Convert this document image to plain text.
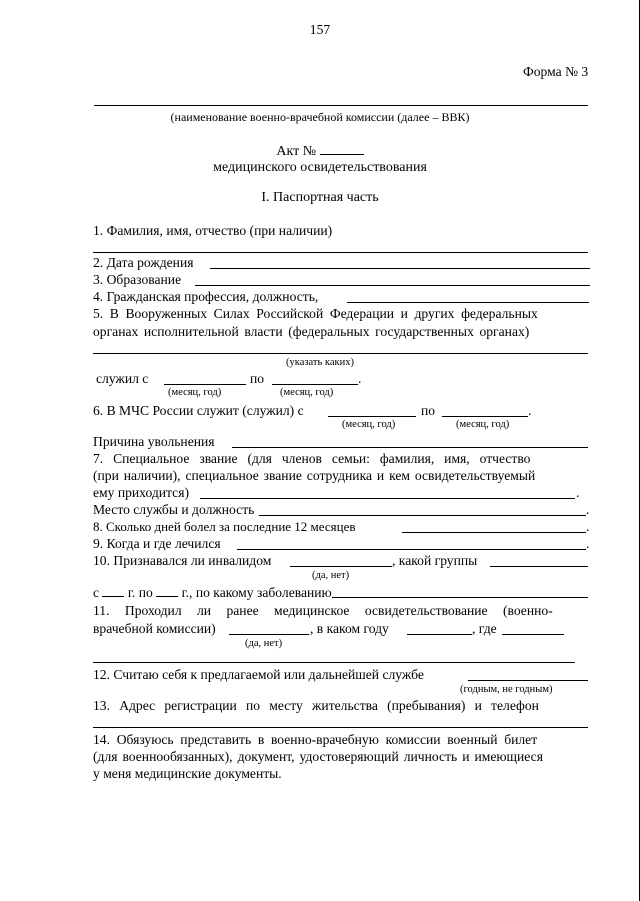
157
Форма № 3
(наименование военно-врачебной комиссии (далее – ВВК)
Акт №
медицинского освидетельствования
I. Паспортная часть
1. Фамилия, имя, отчество (при наличии)
2. Дата рождения
3. Образование
4. Гражданская профессия, должность,
5. В Вооруженных Силах Российской Федерации и других федеральных
органах исполнительной власти (федеральных государственных органах)
(указать каких)
служил с	по	.
(месяц, год)	(месяц, год)
6. В МЧС России служит (служил) с	по	.
(месяц, год)	(месяц, год)
Причина увольнения
7. Специальное звание (для членов семьи: фамилия, имя, отчество
(при наличии), специальное звание сотрудника и кем освидетельствуемый
ему приходится)	.
Место службы и должность	.
8. Сколько дней болел за последние 12 месяцев	.
9. Когда и где лечился	.
10. Признавался ли инвалидом	, какой группы
(да, нет)
с г. по г., по какому заболеванию
11. Проходил ли ранее медицинское освидетельствование (военно-
врачебной комиссии)	, в каком году	, где
(да, нет)
12. Считаю себя к предлагаемой или дальнейшей службе
(годным, не годным)
13. Адрес регистрации по месту жительства (пребывания) и телефон
14. Обязуюсь представить в военно-врачебную комиссии военный билет
(для военнообязанных), документ, удостоверяющий личность и имеющиеся
у меня медицинские документы.
